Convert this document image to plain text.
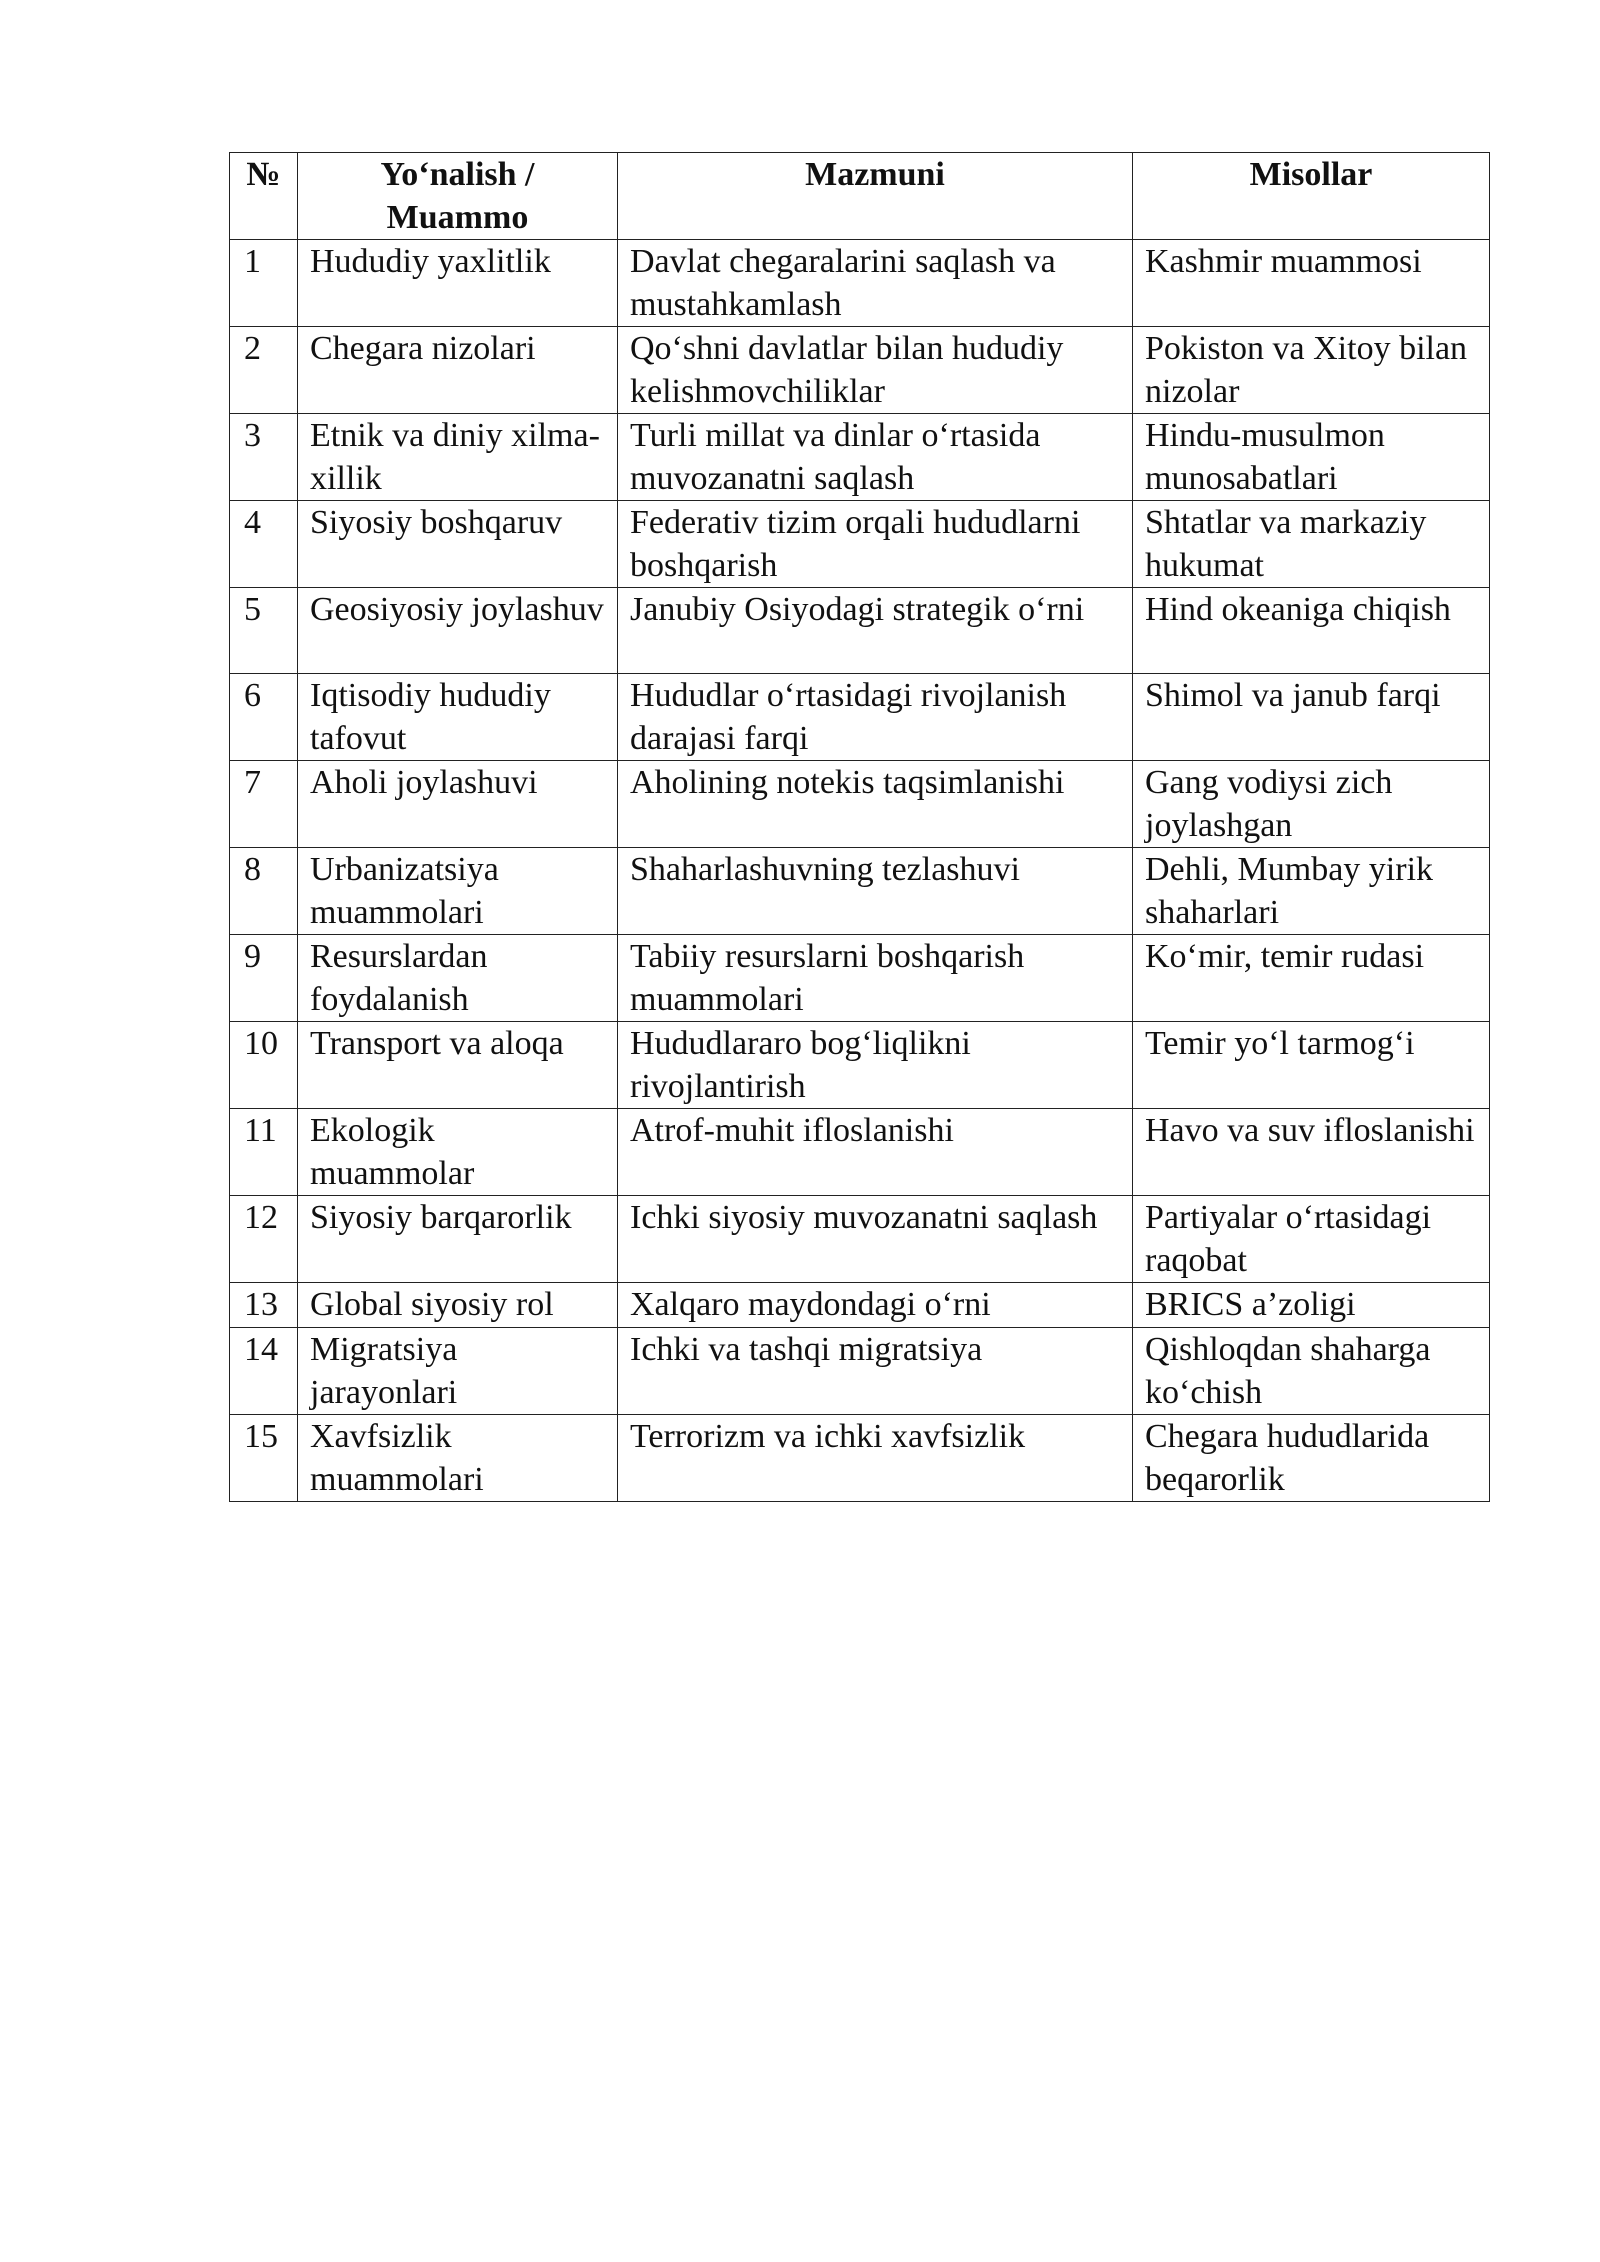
№	Yo‘nalish / Muammo	Mazmuni	Misollar
1	Hududiy yaxlitlik	Davlat chegaralarini saqlash va mustahkamlash	Kashmir muammosi
2	Chegara nizolari	Qo‘shni davlatlar bilan hududiy kelishmovchiliklar	Pokiston va Xitoy bilan nizolar
3	Etnik va diniy xilma-xillik	Turli millat va dinlar o‘rtasida muvozanatni saqlash	Hindu-musulmon munosabatlari
4	Siyosiy boshqaruv	Federativ tizim orqali hududlarni boshqarish	Shtatlar va markaziy hukumat
5	Geosiyosiy joylashuv	Janubiy Osiyodagi strategik o‘rni	Hind okeaniga chiqish
6	Iqtisodiy hududiy tafovut	Hududlar o‘rtasidagi rivojlanish darajasi farqi	Shimol va janub farqi
7	Aholi joylashuvi	Aholining notekis taqsimlanishi	Gang vodiysi zich joylashgan
8	Urbanizatsiya muammolari	Shaharlashuvning tezlashuvi	Dehli, Mumbay yirik shaharlari
9	Resurslardan foydalanish	Tabiiy resurslarni boshqarish muammolari	Ko‘mir, temir rudasi
10	Transport va aloqa	Hududlararo bog‘liqlikni rivojlantirish	Temir yo‘l tarmog‘i
11	Ekologik muammolar	Atrof-muhit ifloslanishi	Havo va suv ifloslanishi
12	Siyosiy barqarorlik	Ichki siyosiy muvozanatni saqlash	Partiyalar o‘rtasidagi raqobat
13	Global siyosiy rol	Xalqaro maydondagi o‘rni	BRICS a’zoligi
14	Migratsiya jarayonlari	Ichki va tashqi migratsiya	Qishloqdan shaharga ko‘chish
15	Xavfsizlik muammolari	Terrorizm va ichki xavfsizlik	Chegara hududlarida beqarorlik
